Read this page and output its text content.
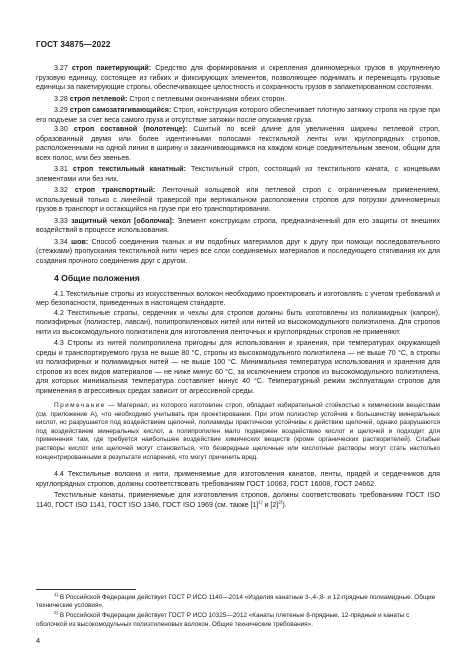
ГОСТ 34875—2022

3.27 строп пакетирующий: Средство для формирования и скрепления длинномерных грузов в укрупненную грузовую единицу, состоящее из гибких и фиксирующих элементов, позволяющее поднимать и перемещать грузовые единицы за пакетирующие стропы, обеспечивающее целостность и сохранность грузов в запакетированном состоянии.

3.28 строп петлевой: Строп с петлевыми окончаниями обеих сторон.

3.29 строп самозатягивающийся: Строп, конструкция которого обеспечивает плотную затяжку стропа на грузе при его подъеме за счет веса самого груза и отсутствие затяжки после опускания груза.

3.30 строп составной (полотенце): Сшитый по всей длине для увеличения ширины петлевой строп, образованный двумя или более идентичными полосами текстильной ленты или круглопрядных стропов, расположенными на одной линии в ширину и заканчивающимися на каждом конце соединительным звеном, общим для всех полос, или без звеньев.

3.31 строп текстильный канатный: Текстильный строп, состоящий из текстильного каната, с концевыми элементами или без них.

3.32 строп транспортный: Ленточный кольцевой или петлевой строп с ограниченным применением, используемый только с линейной траверсой при вертикальном расположении стропов для погрузки длинномерных грузов в транспорт и остающийся на грузе при его транспортировании.

3.33 защитный чехол [оболочка]: Элемент конструкции стропа, предназначенный для его защиты от внешних воздействий в процессе использования.

3.34 шов: Способ соединения тканых и им подобных материалов друг к другу при помощи последовательного (стежками) пропускания текстильной нити через все слои соединяемых материалов и последующего стягивания их для создания прочного соединения друг с другом.

4 Общие положения

4.1 Текстильные стропы из искусственных волокон необходимо проектировать и изготовлять с учетом требований и мер безопасности, приведенных в настоящем стандарте.

4.2 Текстильные стропы, сердечник и чехлы для стропов должны быть изготовлены из полиамидных (капрон), полиэфирных (полиэстер, лавсан), полипропиленовых нитей или нитей из высокомодульного полиэтилена. Для стропов нити из высокомодульного полиэтилена для изготовления ленточных и круглопрядных стропов не применяют.

4.3 Стропы из нитей полипропилена пригодны для использования и хранения, при температурах окружающей среды и транспортируемого груза не выше 80 °С, стропы из высокомодульного полиэтилена — не выше 70 °С, а стропы из полиэфирных и полиамидных нитей — не выше 100 °С. Минимальная температура использования и хранения для стропов из всех видов материалов — не ниже минус 60 °С, за исключением стропов из высокомодульного полиэтилена, для которых минимальная температура составляет минус 40 °С. Температурный режим эксплуатации стропов для применения в агрессивных средах зависит от агрессивной среды.

Примечание — Материал, из которого изготовлен строп, обладает избирательной стойкостью к химическим веществам (см. приложение А), что необходимо учитывать при проектировании. При этом полиэстер устойчив к большинству минеральных кислот, но разрушается под воздействием щелочей, полиамиды практически устойчивы к действию щелочей, однако разрушаются под воздействием минеральных кислот, а полипропилен мало подвержен воздействию кислот и щелочей и подходит для применения там, где требуется наибольшее воздействие химических веществ (кроме органических растворителей). Слабые растворы кислот или щелочей могут становиться, что безвредные щелочные или кислотные растворы могут стать настолько концентрированными в результате испарения, что могут причинить вред.

4.4 Текстильные волокна и нити, применяемые для изготовления канатов, ленты, прядей и сердечников для круглопрядных стропов, должны соответствовать требованиям ГОСТ 10063, ГОСТ 16008, ГОСТ 24662.

Текстильные канаты, применяемые для изготовления стропов, должны соответствовать требованиям ГОСТ ISO 1140, ГОСТ ISO 1141, ГОСТ ISO 1346, ГОСТ ISO 1969 (см. также $[1]^{1)}$ и $[2]^{2)}$).

$^{1)}$ В Российской Федерации действует ГОСТ Р ИСО 1140—2014 «Изделия канатные 3-,4-,8- и 12-прядные полиамидные. Общие технические условия».

$^{2)}$ В Российской Федерации действует ГОСТ Р ИСО 10325—2012 «Канаты плетеные 8-прядные, 12-прядные и канаты с оболочкой из высокомодульных полиэтиленовых волокон. Общие технические требования».

4
